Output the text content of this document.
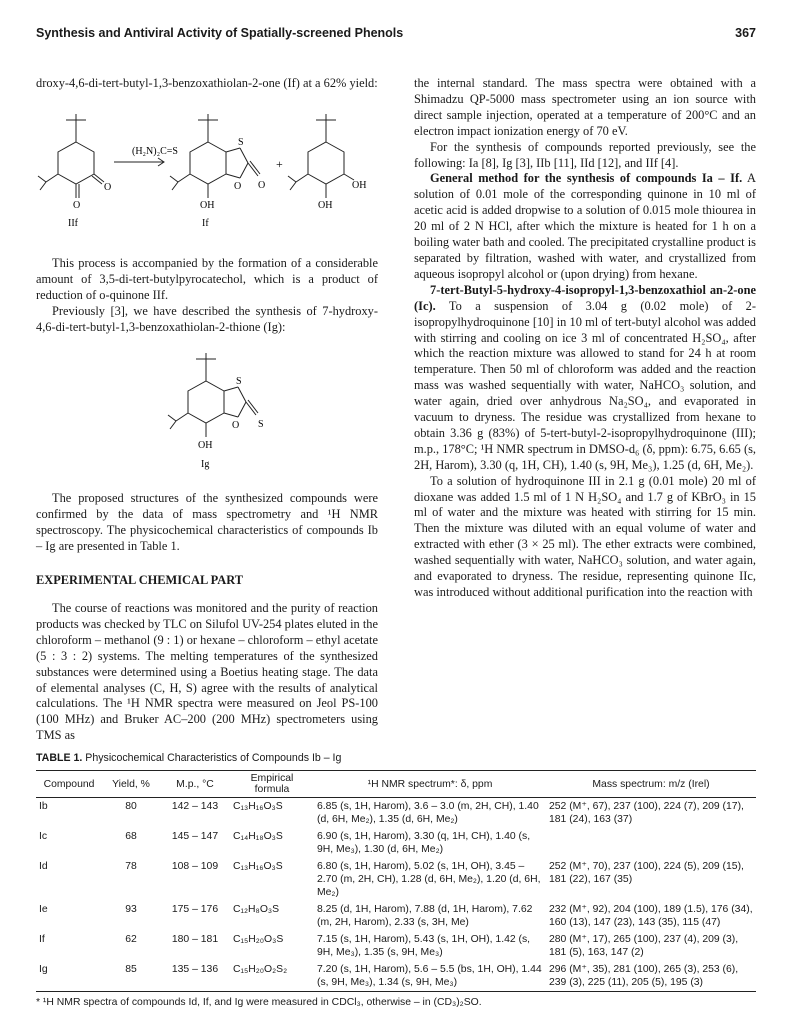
Synthesis and Antiviral Activity of Spatially-screened Phenols	367

droxy-4,6-di-tert-butyl-1,3-benzoxathiolan-2-one (If) at a 62% yield:

(H₂N)₂C=S
+
O
O
OH
S
O O
OH
OH
IIf	If

This process is accompanied by the formation of a considerable amount of 3,5-di-tert-butylpyrocatechol, which is a product of reduction of o-quinone IIf.

Previously [3], we have described the synthesis of 7-hydroxy-4,6-di-tert-butyl-1,3-benzoxathiolan-2-thione (Ig):

OH
S
O S
Ig

The proposed structures of the synthesized compounds were confirmed by the data of mass spectrometry and ¹H NMR spectroscopy. The physicochemical characteristics of compounds Ib – Ig are presented in Table 1.

EXPERIMENTAL CHEMICAL PART

The course of reactions was monitored and the purity of reaction products was checked by TLC on Silufol UV-254 plates eluted in the chloroform – methanol (9 : 1) or hexane – chloroform – ethyl acetate (5 : 3 : 2) systems. The melting temperatures of the synthesized substances were determined using a Boetius heating stage. The data of elemental analyses (C, H, S) agree with the results of analytical calculations. The ¹H NMR spectra were measured on Jeol PS-100 (100 MHz) and Bruker AC–200 (200 MHz) spectrometers using TMS as

the internal standard. The mass spectra were obtained with a Shimadzu QP-5000 mass spectrometer using an ion source with direct sample injection, operated at a temperature of 200°C and an electron impact ionization energy of 70 eV.

For the synthesis of compounds reported previously, see the following: Ia [8], Ig [3], IIb [11], IId [12], and IIf [4].

General method for the synthesis of compounds Ia – If. A solution of 0.01 mole of the corresponding quinone in 10 ml of acetic acid is added dropwise to a solution of 0.015 mole thiourea in 20 ml of 2 N HCl, after which the mixture is heated for 1 h on a boiling water bath and cooled. The precipitated crystalline product is separated by filtration, washed with water, and crystallized from aqueous isopropyl alcohol or (upon drying) from hexane.

7-tert-Butyl-5-hydroxy-4-isopropyl-1,3-benzoxathiol an-2-one (Ic). To a suspension of 3.04 g (0.02 mole) of 2-isopropylhydroquinone [10] in 10 ml of tert-butyl alcohol was added with stirring and cooling on ice 3 ml of concentrated H₂SO₄, after which the reaction mixture was allowed to stand for 24 h at room temperature. Then 50 ml of chloroform was added and the reaction mass was washed sequentially with water, NaHCO₃ solution, and water again, dried over anhydrous Na₂SO₄, and evaporated in vacuum to dryness. The residue was crystallized from hexane to obtain 3.36 g (83%) of 5-tert-butyl-2-isopropylhydroquinone (III); m.p., 178°C; ¹H NMR spectrum in DMSO-d₆ (δ, ppm): 6.75, 6.65 (s, 2H, Harom), 3.30 (q, 1H, CH), 1.40 (s, 9H, Me₃), 1.25 (d, 6H, Me₂).

To a solution of hydroquinone III in 2.1 g (0.01 mole) 20 ml of dioxane was added 1.5 ml of 1 N H₂SO₄ and 1.7 g of KBrO₃ in 15 ml of water and the mixture was heated with stirring for 15 min. Then the mixture was diluted with an equal volume of water and extracted with ether (3 × 25 ml). The ether extracts were combined, washed sequentially with water, NaHCO₃ solution, and water again, and evaporated to dryness. The residue, representing quinone IIc, was introduced without additional purification into the reaction with

TABLE 1. Physicochemical Characteristics of Compounds Ib – Ig
Compound	Yield, %	M.p., °C	Empirical formula	¹H NMR spectrum*: δ, ppm	Mass spectrum: m/z (Irel)
Ib	80	142 – 143	C₁₃H₁₆O₃S	6.85 (s, 1H, Harom), 3.6 – 3.0 (m, 2H, CH), 1.40 (d, 6H, Me₂), 1.35 (d, 6H, Me₂)	252 (M⁺, 67), 237 (100), 224 (7), 209 (17), 181 (24), 163 (37)
Ic	68	145 – 147	C₁₄H₁₈O₃S	6.90 (s, 1H, Harom), 3.30 (q, 1H, CH), 1.40 (s, 9H, Me₃), 1.30 (d, 6H, Me₂)	
Id	78	108 – 109	C₁₃H₁₆O₃S	6.80 (s, 1H, Harom), 5.02 (s, 1H, OH), 3.45 – 2.70 (m, 2H, CH), 1.28 (d, 6H, Me₂), 1.20 (d, 6H, Me₂)	252 (M⁺, 70), 237 (100), 224 (5), 209 (15), 181 (22), 167 (35)
Ie	93	175 – 176	C₁₂H₈O₃S	8.25 (d, 1H, Harom), 7.88 (d, 1H, Harom), 7.62 (m, 2H, Harom), 2.33 (s, 3H, Me)	232 (M⁺, 92), 204 (100), 189 (1.5), 176 (34), 160 (13), 147 (23), 143 (35), 115 (47)
If	62	180 – 181	C₁₅H₂₀O₃S	7.15 (s, 1H, Harom), 5.43 (s, 1H, OH), 1.42 (s, 9H, Me₃), 1.35 (s, 9H, Me₃)	280 (M⁺, 17), 265 (100), 237 (4), 209 (3), 181 (5), 163, 147 (2)
Ig	85	135 – 136	C₁₅H₂₀O₂S₂	7.20 (s, 1H, Harom), 5.6 – 5.5 (bs, 1H, OH), 1.44 (s, 9H, Me₃), 1.34 (s, 9H, Me₃)	296 (M⁺, 35), 281 (100), 265 (3), 253 (6), 239 (3), 225 (11), 205 (5), 195 (3)
* ¹H NMR spectra of compounds Id, If, and Ig were measured in CDCl₃, otherwise – in (CD₃)₂SO.
